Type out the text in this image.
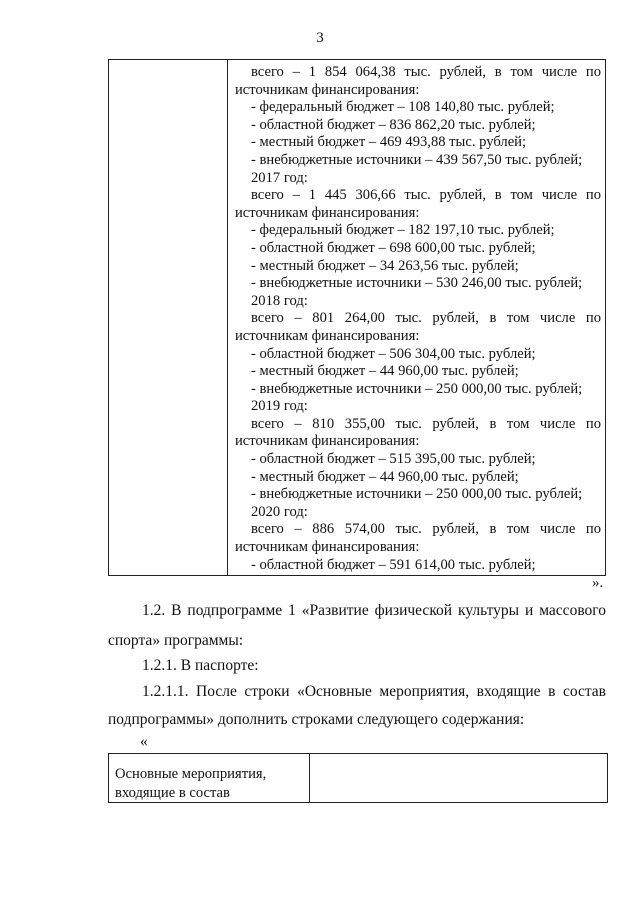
3
всего – 1 854 064,38 тыс. рублей, в том числе по
источникам финансирования:
- федеральный бюджет – 108 140,80 тыс. рублей;
- областной бюджет – 836 862,20 тыс. рублей;
- местный бюджет – 469 493,88 тыс. рублей;
- внебюджетные источники – 439 567,50 тыс. рублей;
2017 год:
всего – 1 445 306,66 тыс. рублей, в том числе по
источникам финансирования:
- федеральный бюджет – 182 197,10 тыс. рублей;
- областной бюджет – 698 600,00 тыс. рублей;
- местный бюджет – 34 263,56 тыс. рублей;
- внебюджетные источники – 530 246,00 тыс. рублей;
2018 год:
всего – 801 264,00 тыс. рублей, в том числе по
источникам финансирования:
- областной бюджет – 506 304,00 тыс. рублей;
- местный бюджет – 44 960,00 тыс. рублей;
- внебюджетные источники – 250 000,00 тыс. рублей;
2019 год:
всего – 810 355,00 тыс. рублей, в том числе по
источникам финансирования:
- областной бюджет – 515 395,00 тыс. рублей;
- местный бюджет – 44 960,00 тыс. рублей;
- внебюджетные источники – 250 000,00 тыс. рублей;
2020 год:
всего – 886 574,00 тыс. рублей, в том числе по
источникам финансирования:
- областной бюджет – 591 614,00 тыс. рублей;
».
1.2. В подпрограмме 1 «Развитие физической культуры и массового
спорта» программы:
1.2.1. В паспорте:
1.2.1.1. После строки «Основные мероприятия, входящие в состав
подпрограммы» дополнить строками следующего содержания:
«
Основные мероприятия,
входящие в состав
